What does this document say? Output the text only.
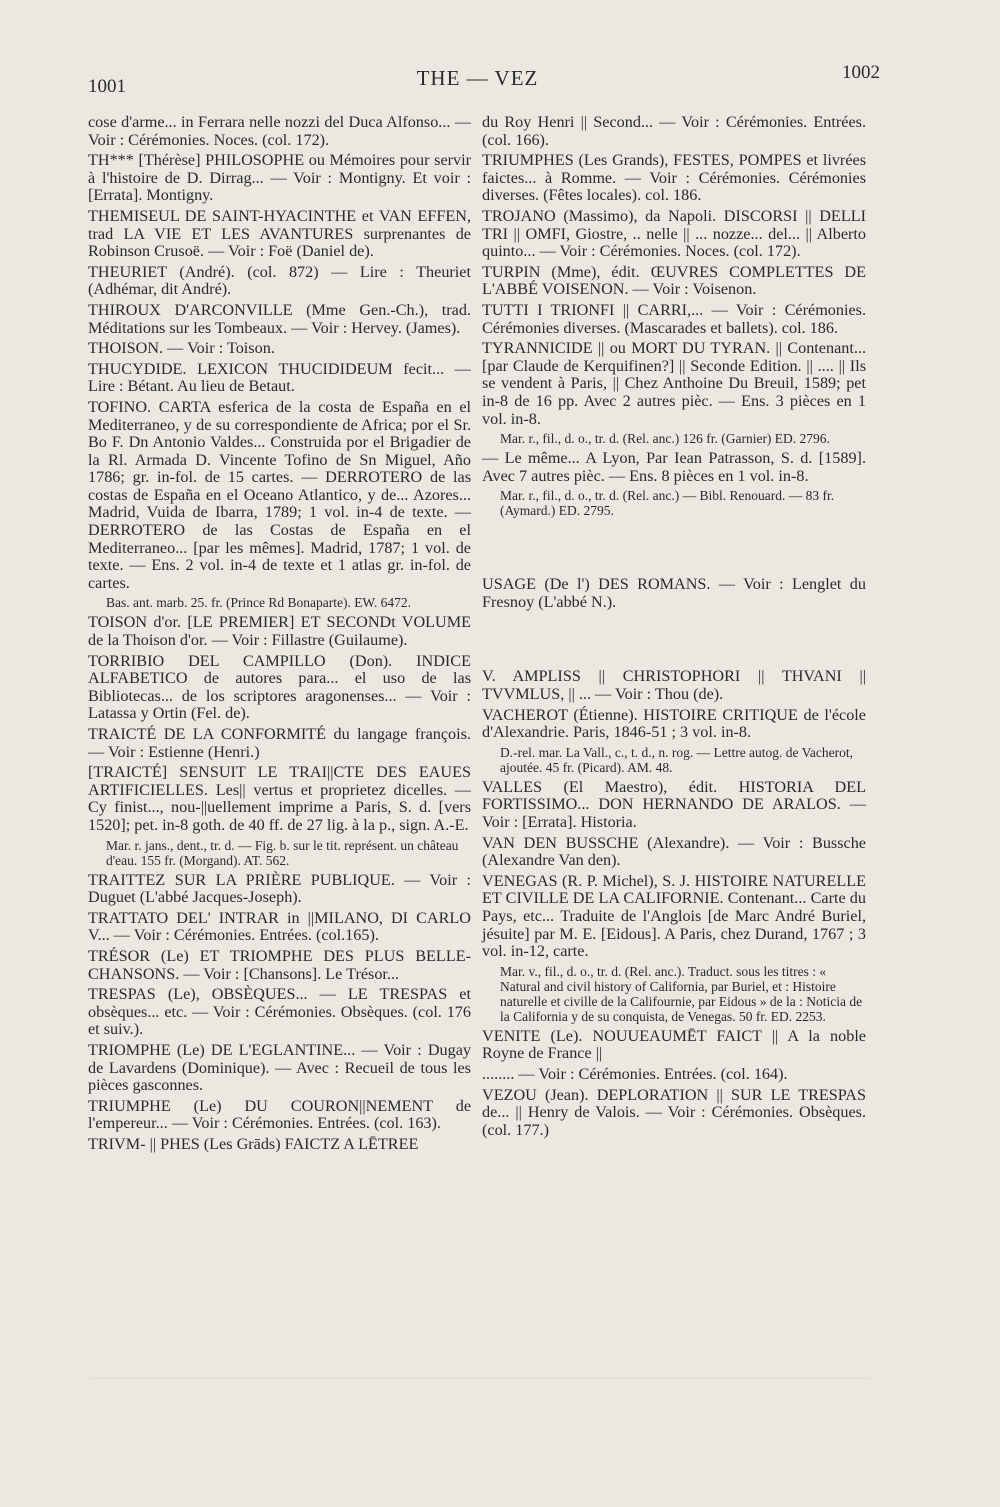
1001	THE — VEZ	1002

cose d'arme... in Ferrara nelle nozzi del Duca Alfonso... — Voir : Cérémonies. Noces. (col. 172).

TH*** [Thérèse] PHILOSOPHE ou Mémoires pour servir à l'histoire de D. Dirrag... — Voir : Montigny. Et voir : [Errata]. Montigny.

THEMISEUL DE SAINT-HYACINTHE et VAN EFFEN, trad LA VIE ET LES AVANTURES surprenantes de Robinson Crusoë. — Voir : Foë (Daniel de).

THEURIET (André). (col. 872) — Lire : Theuriet (Adhémar, dit André).

THIROUX D'ARCONVILLE (Mme Gen.-Ch.), trad. Méditations sur les Tombeaux. — Voir : Hervey. (James).

THOISON. — Voir : Toison.

THUCYDIDE. LEXICON THUCIDIDEUM fecit... — Lire : Bétant. Au lieu de Betaut.

TOFINO. CARTA esferica de la costa de España en el Mediterraneo, y de su correspondiente de Africa; por el Sr. Bo F. Dn Antonio Valdes... Construida por el Brigadier de la Rl. Armada D. Vincente Tofino de Sn Miguel, Año 1786; gr. in-fol. de 15 cartes. — DERROTERO de las costas de España en el Oceano Atlantico, y de... Azores... Madrid, Vuida de Ibarra, 1789; 1 vol. in-4 de texte. — DERROTERO de las Costas de España en el Mediterraneo... [par les mêmes]. Madrid, 1787; 1 vol. de texte. — Ens. 2 vol. in-4 de texte et 1 atlas gr. in-fol. de cartes.

Bas. ant. marb. 25. fr. (Prince Rd Bonaparte). EW. 6472.

TOISON d'or. [LE PREMIER] ET SECONDt VOLUME de la Thoison d'or. — Voir : Fillastre (Guilaume).

TORRIBIO DEL CAMPILLO (Don). INDICE ALFABETICO de autores para... el uso de las Bibliotecas... de los scriptores aragonenses... — Voir : Latassa y Ortin (Fel. de).

TRAICTÉ DE LA CONFORMITÉ du langage françois. — Voir : Estienne (Henri.)

[TRAICTÉ] SENSUIT LE TRAI||CTE DES EAUES ARTIFICIELLES. Les|| vertus et proprietez dicelles. — Cy finist..., nou-||uellement imprime a Paris, S. d. [vers 1520]; pet. in-8 goth. de 40 ff. de 27 lig. à la p., sign. A.-E.

Mar. r. jans., dent., tr. d. — Fig. b. sur le tit. représent. un château d'eau. 155 fr. (Morgand). AT. 562.

TRAITTEZ SUR LA PRIÈRE PUBLIQUE. — Voir : Duguet (L'abbé Jacques-Joseph).

TRATTATO DEL' INTRAR in ||MILANO, DI CARLO V... — Voir : Cérémonies. Entrées. (col.165).

TRÉSOR (Le) ET TRIOMPHE DES PLUS BELLE-CHANSONS. — Voir : [Chansons]. Le Trésor...

TRESPAS (Le), OBSÈQUES... — LE TRESPAS et obsèques... etc. — Voir : Cérémonies. Obsèques. (col. 176 et suiv.).

TRIOMPHE (Le) DE L'EGLANTINE... — Voir : Dugay de Lavardens (Dominique). — Avec : Recueil de tous les pièces gasconnes.

TRIUMPHE (Le) DU COURON||NEMENT de l'empereur... — Voir : Cérémonies. Entrées. (col. 163).

TRIVM- || PHES (Les Grāds) FAICTZ A LĒTREE

du Roy Henri || Second... — Voir : Cérémonies. Entrées. (col. 166).

TRIUMPHES (Les Grands), FESTES, POMPES et livrées faictes... à Romme. — Voir : Cérémonies. Cérémonies diverses. (Fêtes locales). col. 186.

TROJANO (Massimo), da Napoli. DISCORSI || DELLI TRI || OMFI, Giostre, .. nelle || ... nozze... del... || Alberto quinto... — Voir : Cérémonies. Noces. (col. 172).

TURPIN (Mme), édit. ŒUVRES COMPLETTES DE L'ABBÉ VOISENON. — Voir : Voisenon.

TUTTI I TRIONFI || CARRI,... — Voir : Cérémonies. Cérémonies diverses. (Mascarades et ballets). col. 186.

TYRANNICIDE || ou MORT DU TYRAN. || Contenant... [par Claude de Kerquifinen?] || Seconde Edition. || .... || Ils se vendent à Paris, || Chez Anthoine Du Breuil, 1589; pet in-8 de 16 pp. Avec 2 autres pièc. — Ens. 3 pièces en 1 vol. in-8.

Mar. r., fil., d. o., tr. d. (Rel. anc.) 126 fr. (Garnier) ED. 2796.

— Le même... A Lyon, Par Iean Patrasson, S. d. [1589]. Avec 7 autres pièc. — Ens. 8 pièces en 1 vol. in-8.

Mar. r., fil., d. o., tr. d. (Rel. anc.) — Bibl. Renouard. — 83 fr. (Aymard.) ED. 2795.

USAGE (De l') DES ROMANS. — Voir : Lenglet du Fresnoy (L'abbé N.).

V. AMPLISS || CHRISTOPHORI || THVANI || TVVMLUS, || ... — Voir : Thou (de).

VACHEROT (Étienne). HISTOIRE CRITIQUE de l'école d'Alexandrie. Paris, 1846-51 ; 3 vol. in-8.

D.-rel. mar. La Vall., c., t. d., n. rog. — Lettre autog. de Vacherot, ajoutée. 45 fr. (Picard). AM. 48.

VALLES (El Maestro), édit. HISTORIA DEL FORTISSIMO... DON HERNANDO DE ARALOS. — Voir : [Errata]. Historia.

VAN DEN BUSSCHE (Alexandre). — Voir : Bussche (Alexandre Van den).

VENEGAS (R. P. Michel), S. J. HISTOIRE NATURELLE ET CIVILLE DE LA CALIFORNIE. Contenant... Carte du Pays, etc... Traduite de l'Anglois [de Marc André Buriel, jésuite] par M. E. [Eidous]. A Paris, chez Durand, 1767 ; 3 vol. in-12, carte.

Mar. v., fil., d. o., tr. d. (Rel. anc.). Traduct. sous les titres : « Natural and civil history of California, par Buriel, et : Histoire naturelle et civille de la Califournie, par Eidous » de la : Noticia de la California y de su conquista, de Venegas. 50 fr. ED. 2253.

VENITE (Le). NOUUEAUMĒT FAICT || A la noble Royne de France ||

........ — Voir : Cérémonies. Entrées. (col. 164).

VEZOU (Jean). DEPLORATION || SUR LE TRESPAS de... || Henry de Valois. — Voir : Cérémonies. Obsèques. (col. 177.)
